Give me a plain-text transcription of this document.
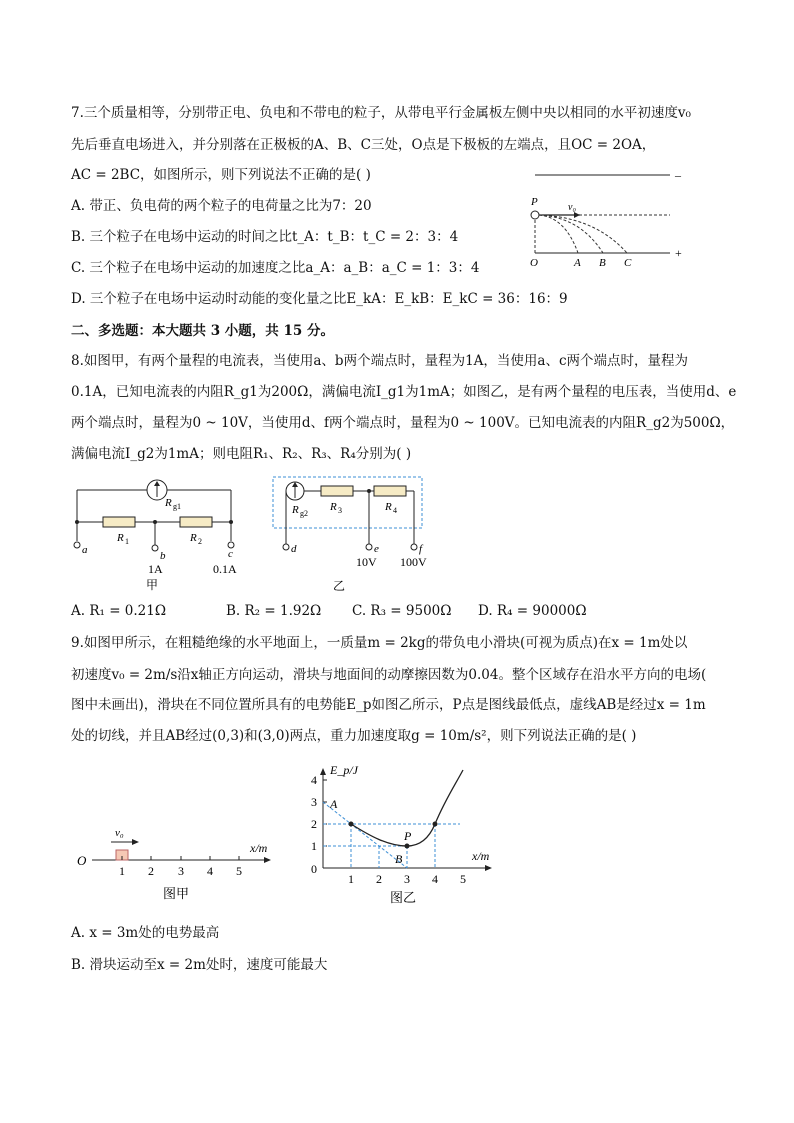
7.三个质量相等，分别带正电、负电和不带电的粒子，从带电平行金属板左侧中央以相同的水平初速度v₀
先后垂直电场进入，并分别落在正极板的A、B、C三处，O点是下极板的左端点，且OC = 2OA，
AC = 2BC，如图所示，则下列说法不正确的是( )
A. 带正、负电荷的两个粒子的电荷量之比为7：20
B. 三个粒子在电场中运动的时间之比t_A：t_B：t_C = 2：3：4
C. 三个粒子在电场中运动的加速度之比a_A：a_B：a_C = 1：3：4
D. 三个粒子在电场中运动时动能的变化量之比E_kA：E_kB：E_kC = 36：16：9
–
+
P	v₀
O	A B C
二、多选题：本大题共 3 小题，共 15 分。
8.如图甲，有两个量程的电流表，当使用a、b两个端点时，量程为1A，当使用a、c两个端点时，量程为
0.1A，已知电流表的内阻R_g1为200Ω，满偏电流I_g1为1mA；如图乙，是有两个量程的电压表，当使用d、e
两个端点时，量程为0 ~ 10V，当使用d、f两个端点时，量程为0 ~ 100V。已知电流表的内阻R_g2为500Ω，
满偏电流I_g2为1mA；则电阻R₁、R₂、R₃、R₄分别为( )
R g1
R 1	R 2
a	b	c
1A	0.1A
甲
R g2
R 3	R 4
d	e	f
10V 100V
乙
A. R₁ = 0.21Ω	B. R₂ = 1.92Ω C. R₃ = 9500Ω D. R₄ = 90000Ω
9.如图甲所示，在粗糙绝缘的水平地面上，一质量m = 2kg的带负电小滑块(可视为质点)在x = 1m处以
初速度v₀ = 2m/s沿x轴正方向运动，滑块与地面间的动摩擦因数为0.04。整个区域存在沿水平方向的电场(
图中未画出)，滑块在不同位置所具有的电势能E_p如图乙所示，P点是图线最低点，虚线AB是经过x = 1m
处的切线，并且AB经过(0,3)和(3,0)两点，重力加速度取g = 10m/s²，则下列说法正确的是( )
O
v₀
1 2 3 4 5
x/m
图甲
E_p/J
x/m
0
1
2
3
4
1 2 3 4 5
A
B
P
图乙
A. x = 3m处的电势最高
B. 滑块运动至x = 2m处时，速度可能最大
